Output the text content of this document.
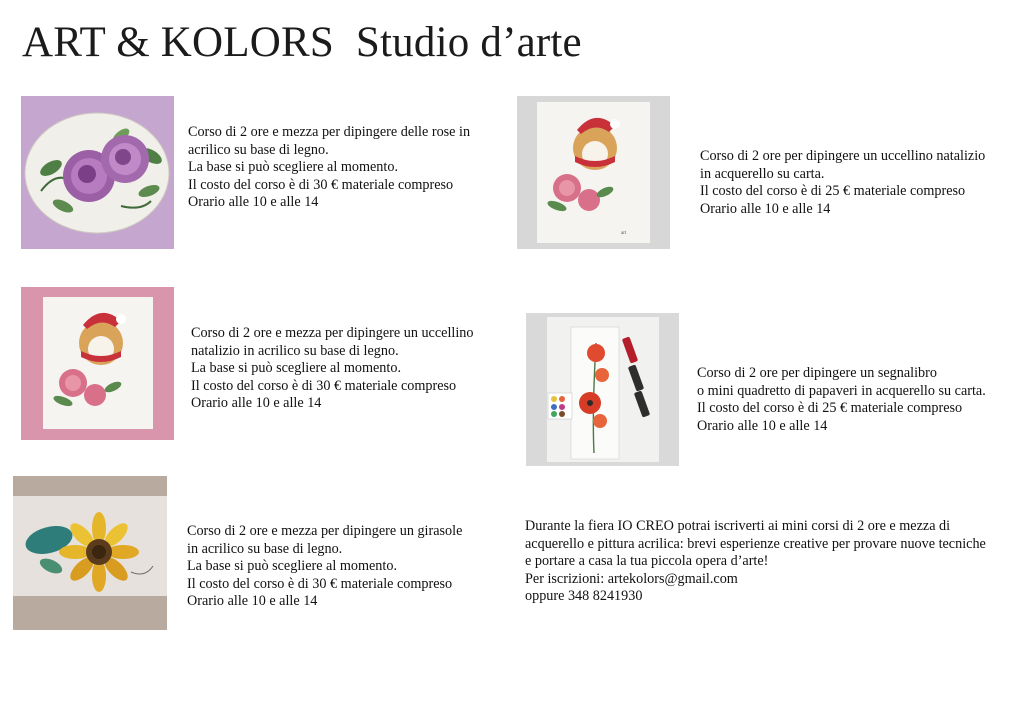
ART & KOLORS  Studio d’arte

Corso di 2 ore e mezza per dipingere delle rose in

acrilico su base di legno.

La base si può scegliere al momento.

Il costo del corso è di 30 € materiale compreso

Orario alle 10 e alle 14

art

Corso di 2 ore per dipingere un uccellino natalizio

in acquerello su carta.

Il costo del corso è di 25 € materiale compreso

Orario alle 10 e alle 14

Corso di 2 ore e mezza per dipingere un uccellino

natalizio in acrilico su base di legno.

La base si può scegliere al momento.

Il costo del corso è di 30 € materiale compreso

Orario alle 10 e alle 14

Corso di 2 ore per dipingere un segnalibro

o mini quadretto di papaveri in acquerello su carta.

Il costo del corso è di 25 € materiale compreso

Orario alle 10 e alle 14

Corso di 2 ore e mezza per dipingere un girasole

in acrilico su base di legno.

La base si può scegliere al momento.

Il costo del corso è di 30 € materiale compreso

Orario alle 10 e alle 14

Durante la fiera IO CREO potrai iscriverti ai mini corsi di 2 ore e mezza di

acquerello e pittura acrilica: brevi esperienze creative per provare nuove tecniche

e portare a casa la tua piccola opera d’arte!

Per iscrizioni: artekolors@gmail.com

oppure 348 8241930
